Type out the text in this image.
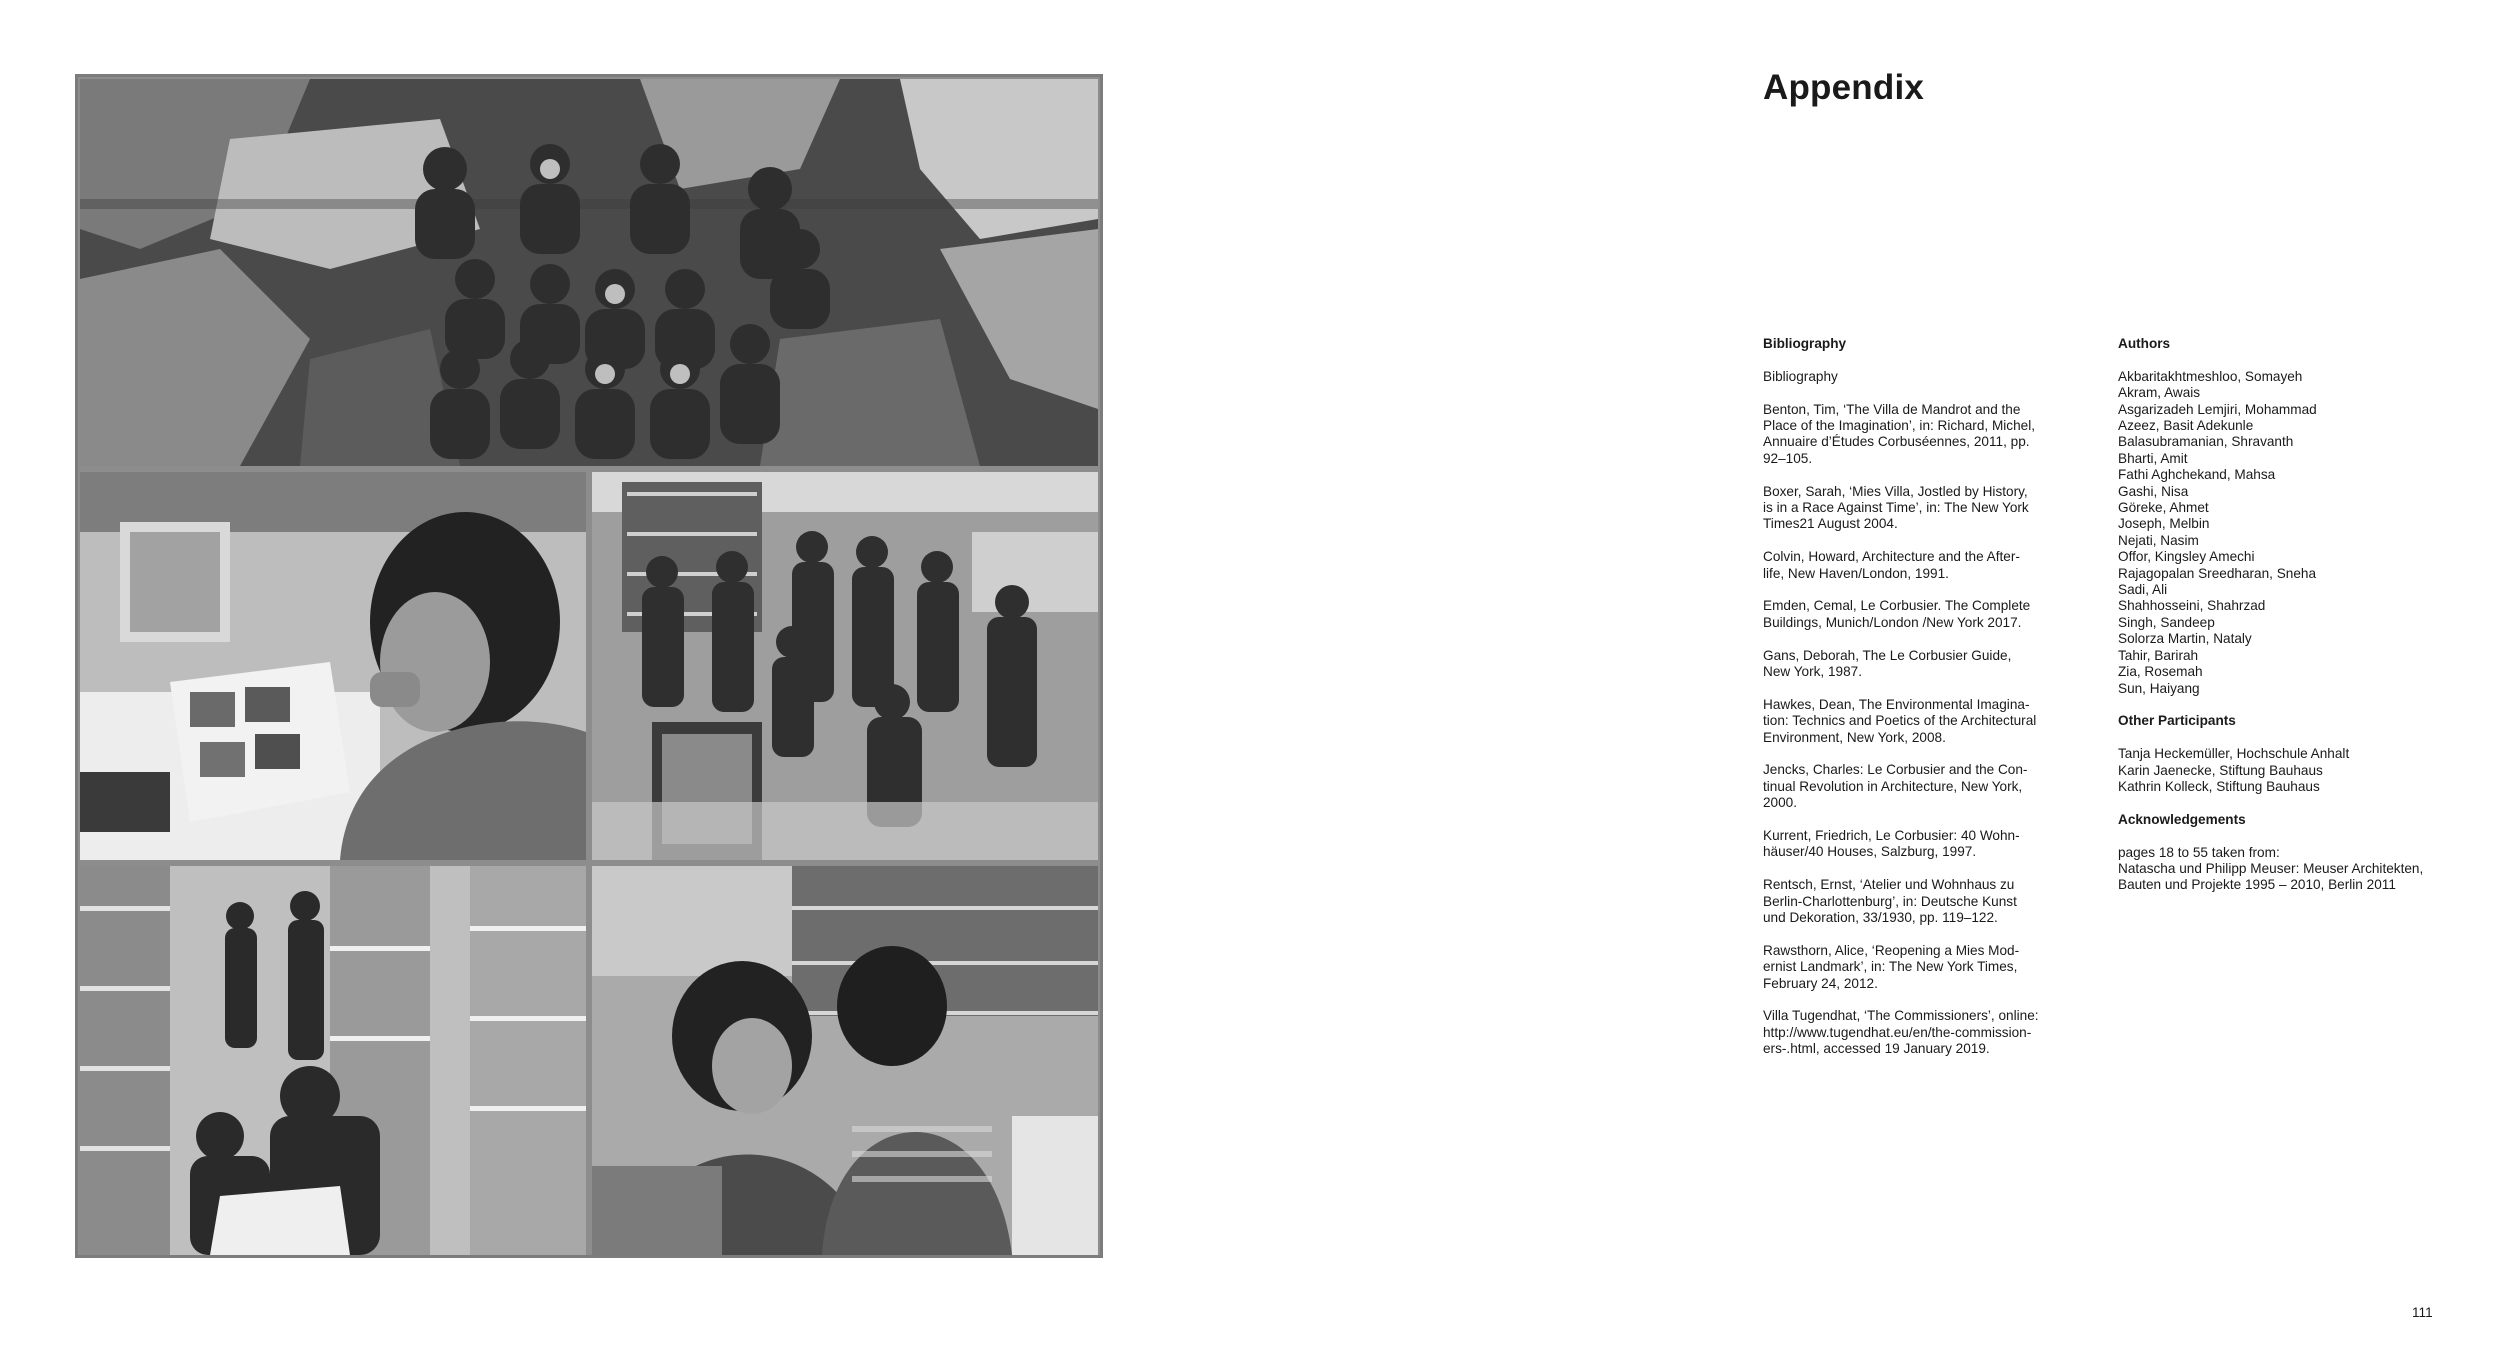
Appendix
Bibliography
Bibliography
Benton, Tim, ‘The Villa de Mandrot and the
Place of the Imagination’, in: Richard, Michel,
Annuaire d’Études Corbuséennes, 2011, pp.
92–105.
Boxer, Sarah, ‘Mies Villa, Jostled by History,
is in a Race Against Time’, in: The New York
Times21 August 2004.
Colvin, Howard, Architecture and the After-
life, New Haven/London, 1991.
Emden, Cemal, Le Corbusier. The Complete
Buildings, Munich/London /New York 2017.
Gans, Deborah, The Le Corbusier Guide,
New York, 1987.
Hawkes, Dean, The Environmental Imagina-
tion: Technics and Poetics of the Architectural
Environment, New York, 2008.
Jencks, Charles: Le Corbusier and the Con-
tinual Revolution in Architecture, New York,
2000.
Kurrent, Friedrich, Le Corbusier: 40 Wohn-
häuser/40 Houses, Salzburg, 1997.
Rentsch, Ernst, ‘Atelier und Wohnhaus zu
Berlin-Charlottenburg’, in: Deutsche Kunst
und Dekoration, 33/1930, pp. 119–122.
Rawsthorn, Alice, ‘Reopening a Mies Mod-
ernist Landmark’, in: The New York Times,
February 24, 2012.
Villa Tugendhat, ‘The Commissioners’, online:
http://www.tugendhat.eu/en/the-commission-
ers-.html, accessed 19 January 2019.
Authors
Akbaritakhtmeshloo, Somayeh
Akram, Awais
Asgarizadeh Lemjiri, Mohammad
Azeez, Basit Adekunle
Balasubramanian, Shravanth
Bharti, Amit
Fathi Aghchekand, Mahsa
Gashi, Nisa
Göreke, Ahmet
Joseph, Melbin
Nejati, Nasim
Offor, Kingsley Amechi
Rajagopalan Sreedharan, Sneha
Sadi, Ali
Shahhosseini, Shahrzad
Singh, Sandeep
Solorza Martin, Nataly
Tahir, Barirah
Zia, Rosemah
Sun, Haiyang
Other Participants
Tanja Heckemüller, Hochschule Anhalt
Karin Jaenecke, Stiftung Bauhaus
Kathrin Kolleck, Stiftung Bauhaus
Acknowledgements
pages 18 to 55 taken from:
Natascha und Philipp Meuser: Meuser Architekten,
Bauten und Projekte 1995 – 2010, Berlin 2011
111
